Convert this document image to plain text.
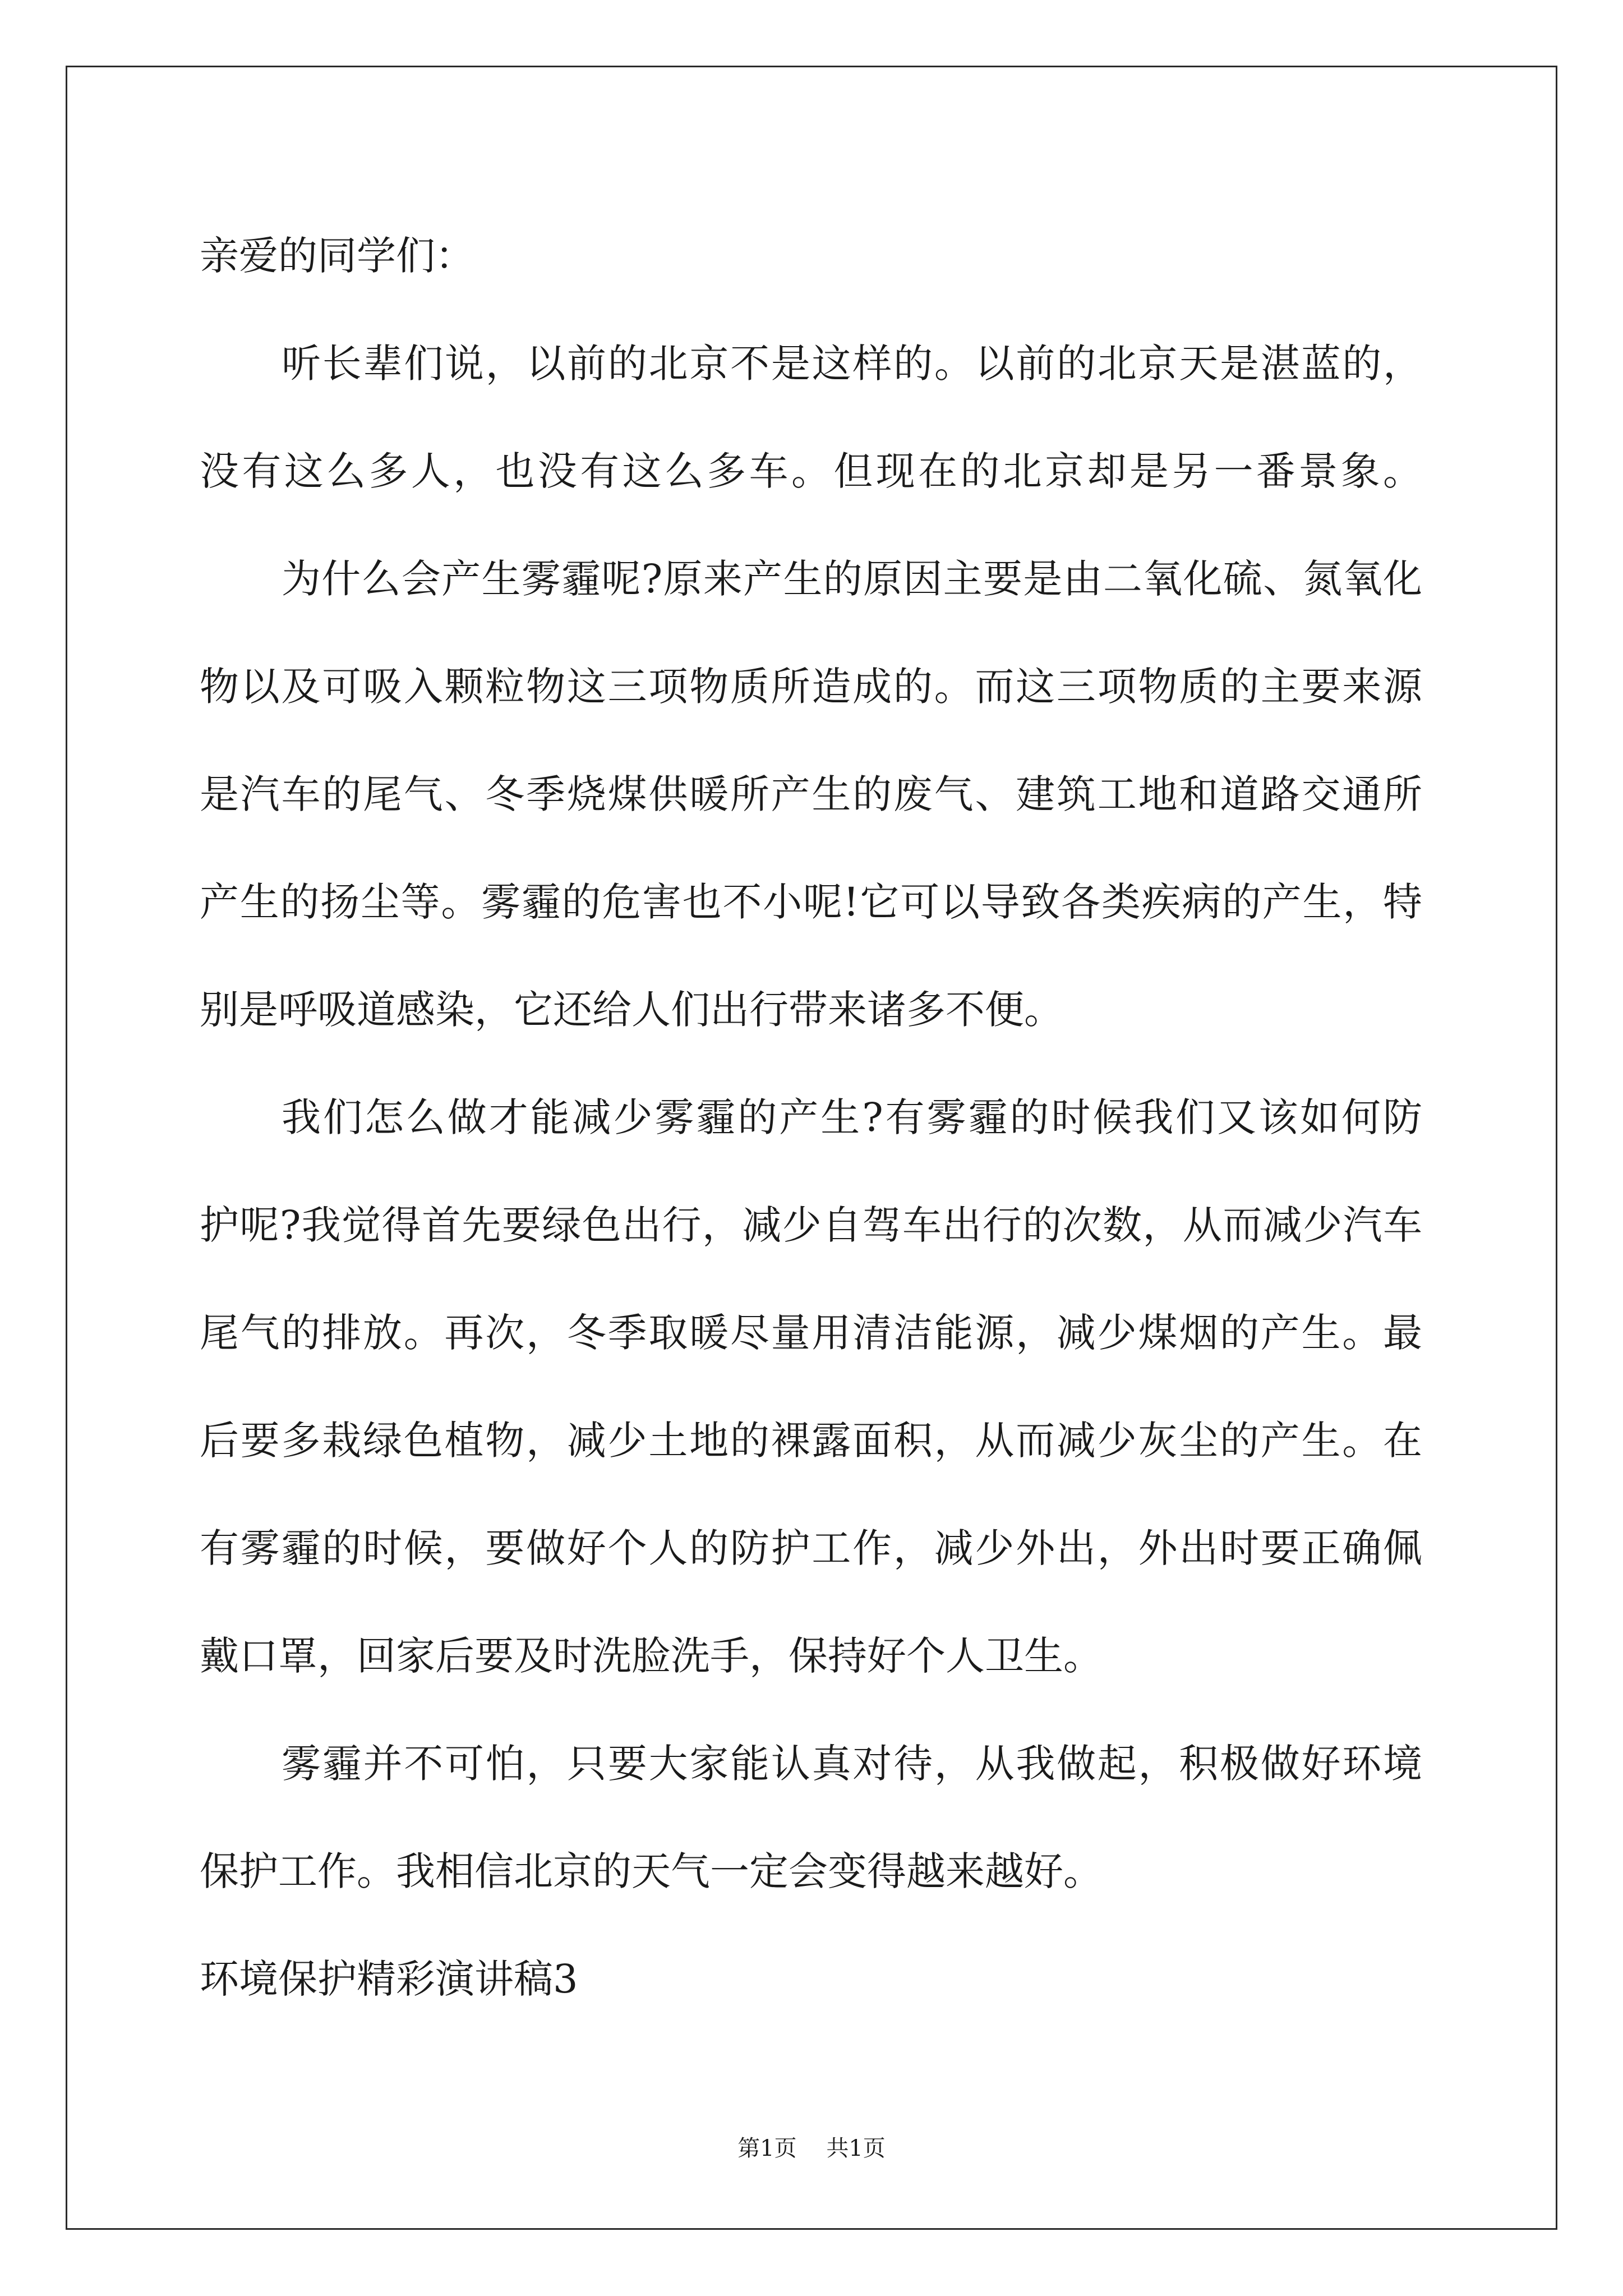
亲爱的同学们：
听长辈们说，以前的北京不是这样的。以前的北京天是湛蓝的，
没有这么多人，也没有这么多车。但现在的北京却是另一番景象。
为什么会产生雾霾呢?原来产生的原因主要是由二氧化硫、氮氧化
物以及可吸入颗粒物这三项物质所造成的。而这三项物质的主要来源
是汽车的尾气、冬季烧煤供暖所产生的废气、建筑工地和道路交通所
产生的扬尘等。雾霾的危害也不小呢!它可以导致各类疾病的产生，特
别是呼吸道感染，它还给人们出行带来诸多不便。
我们怎么做才能减少雾霾的产生?有雾霾的时候我们又该如何防
护呢?我觉得首先要绿色出行，减少自驾车出行的次数，从而减少汽车
尾气的排放。再次，冬季取暖尽量用清洁能源，减少煤烟的产生。最
后要多栽绿色植物，减少土地的裸露面积，从而减少灰尘的产生。在
有雾霾的时候，要做好个人的防护工作，减少外出，外出时要正确佩
戴口罩，回家后要及时洗脸洗手，保持好个人卫生。
雾霾并不可怕，只要大家能认真对待，从我做起，积极做好环境
保护工作。我相信北京的天气一定会变得越来越好。
环境保护精彩演讲稿3
第1页 共1页
